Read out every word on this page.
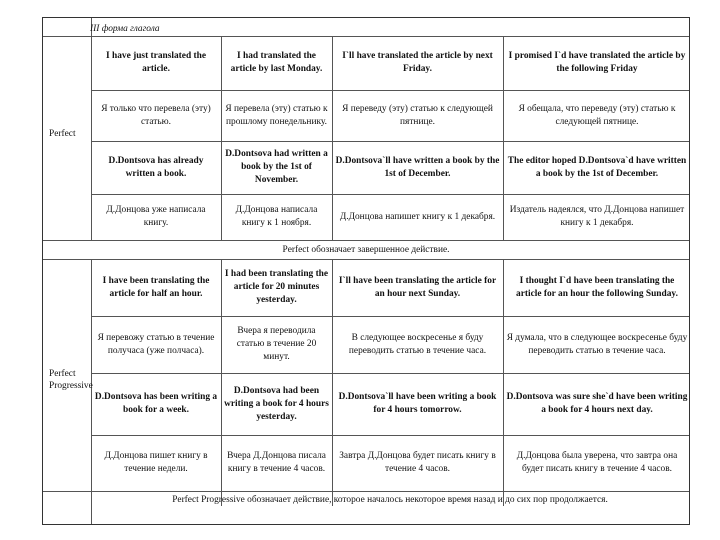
Perfect
Perfect Progressive
I have just translated the article.
I had translated the article by last Monday.
I`ll have translated the article by next Friday.
I promised I`d have translated the article by the following Friday
Я только что перевела (эту) статью.
Я перевела (эту) статью к прошлому понедельнику.
Я переведу (эту) статью к следующей пятнице.
Я обещала, что переведу (эту) статью к следующей пятнице.
D.Dontsova has already written a book.
D.Dontsova had written a book by the 1st of November.
D.Dontsova`ll have written a book by the 1st of December.
The editor hoped D.Dontsova`d have written a book by the 1st of December.
Д.Донцова уже написала книгу.
Д.Донцова написала книгу к 1 ноября.
Д.Донцова напишет книгу к 1 декабря.
Издатель надеялся, что Д.Донцова напишет книгу к 1 декабря.
Perfect обозначает завершенное действие.
I have been translating the article for half an hour.
I had been translating the article for 20 minutes yesterday.
I`ll have been translating the article for an hour next Sunday.
I thought I`d have been translating the article for an hour the following Sunday.
Я перевожу статью в течение получаса (уже полчаса).
Вчера я переводила статью в течение 20 минут.
В следующее воскресенье я буду переводить статью в течение часа.
Я думала, что в следующее воскресенье буду переводить статью в течение часа.
D.Dontsova has been writing a book for a week.
D.Dontsova had been writing a book for 4 hours yesterday.
D.Dontsova`ll have been writing a book for 4 hours tomorrow.
D.Dontsova was sure she`d have been writing a book for 4 hours next day.
Д.Донцова пишет книгу в течение недели.
Вчера Д.Донцова писала книгу в течение 4 часов.
Завтра Д.Донцова будет писать книгу в течение 4 часов.
Д.Донцова была уверена, что завтра она будет писать книгу в течение 4 часов.
Perfect Progressive обозначает действие, которое началось некоторое время назад и до сих пор продолжается.
III форма глагола
